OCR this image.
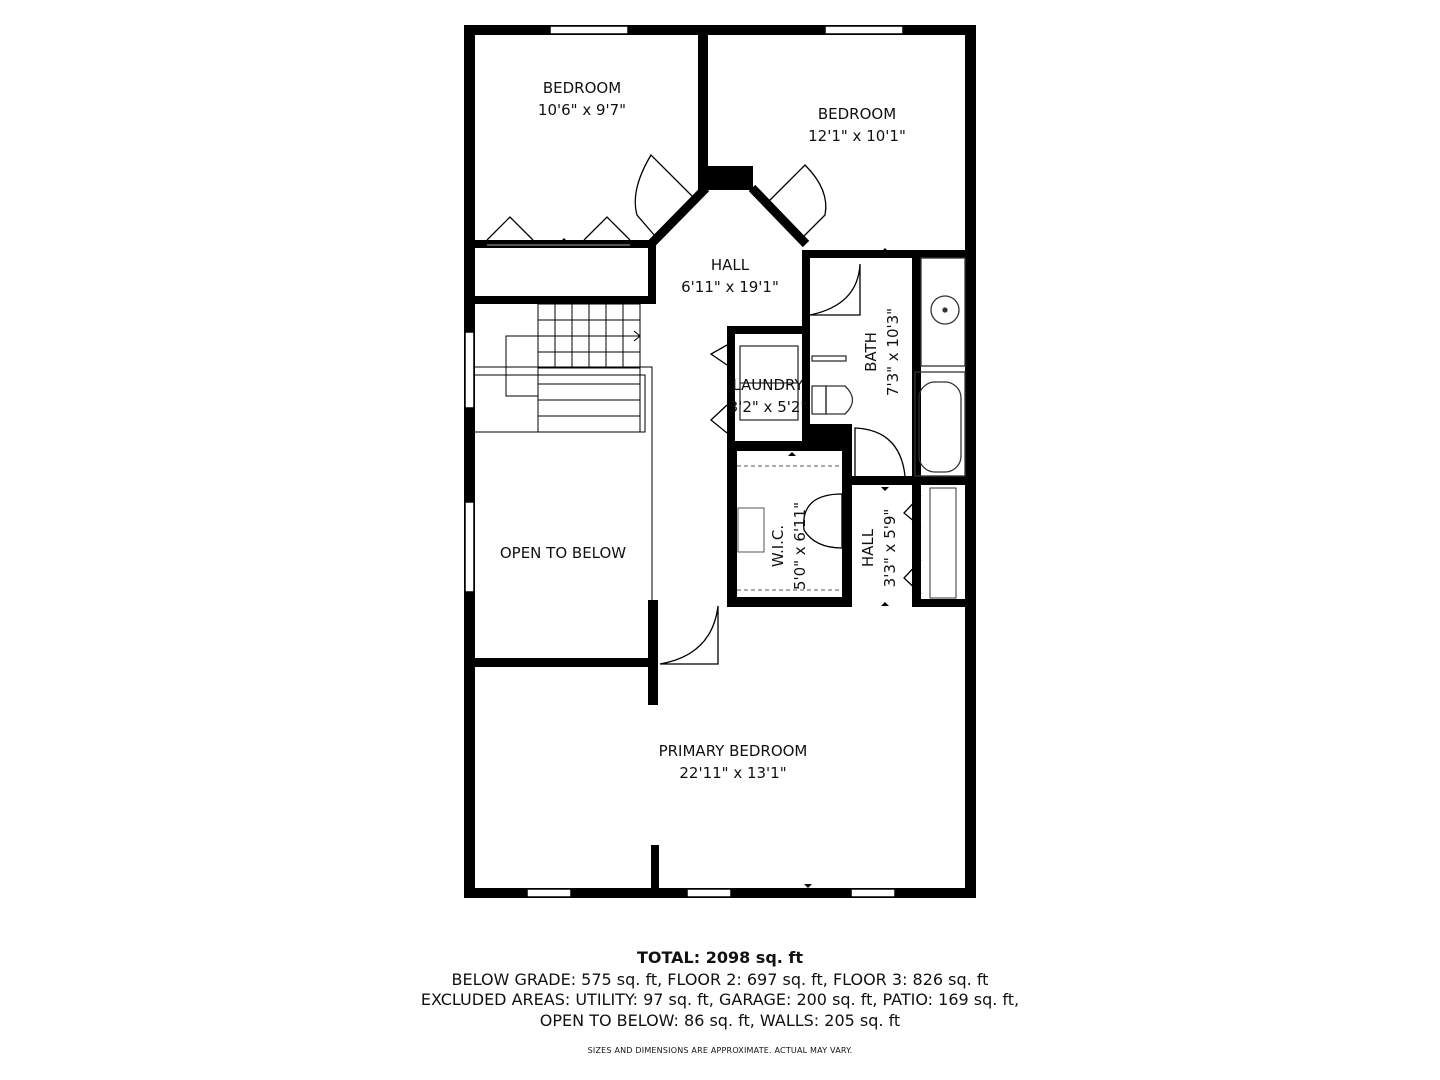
BEDROOM
10'6" x 9'7"	BEDROOM
12'1" x 10'1"
HALL
6'11" x 19'1"
LAUNDRY
3'2" x 5'2"
BATH 7'3" x 10'3"
W.I.C. 5'0" x 6'11"	HALL 3'3" x 5'9"
OPEN TO BELOW
PRIMARY BEDROOM
22'11" x 13'1"
TOTAL: 2098 sq. ft
BELOW GRADE: 575 sq. ft, FLOOR 2: 697 sq. ft, FLOOR 3: 826 sq. ft
EXCLUDED AREAS: UTILITY: 97 sq. ft, GARAGE: 200 sq. ft, PATIO: 169 sq. ft,
OPEN TO BELOW: 86 sq. ft, WALLS: 205 sq. ft
SIZES AND DIMENSIONS ARE APPROXIMATE. ACTUAL MAY VARY.
